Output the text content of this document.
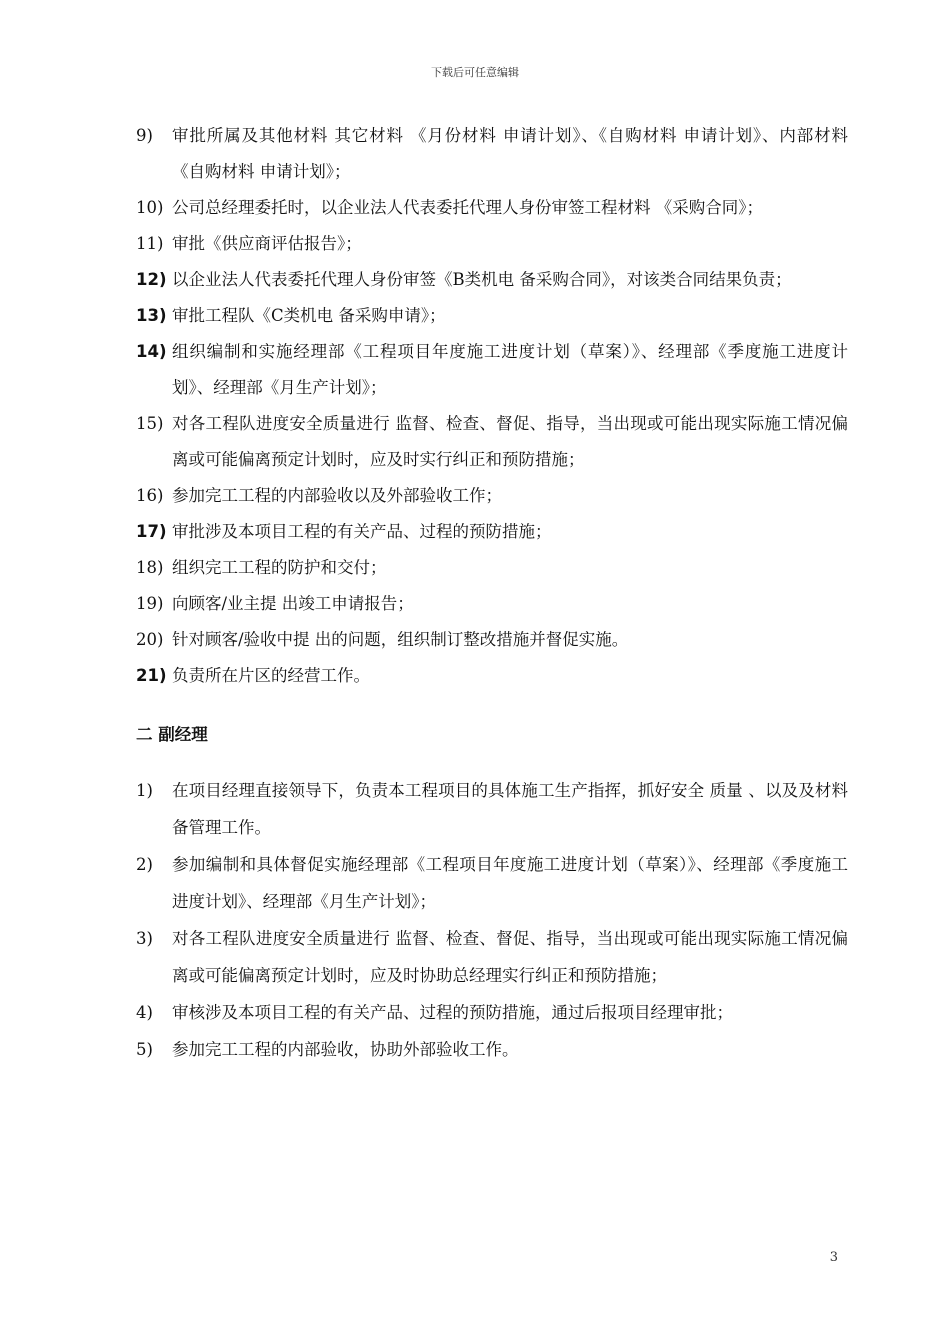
下载后可任意编辑
9) 审批所属及其他材料 其它材料 《月份材料 申请计划》、《自购材料 申请计划》、内部材料 《自购材料 申请计划》；
10) 公司总经理委托时，以企业法人代表委托代理人身份审签工程材料 《采购合同》；
11) 审批《供应商评估报告》；
12) 以企业法人代表委托代理人身份审签《B类机电 备采购合同》，对该类合同结果负责；
13) 审批工程队《C类机电 备采购申请》；
14) 组织编制和实施经理部《工程项目年度施工进度计划（草案）》、经理部《季度施工进度计划》、经理部《月生产计划》；
15) 对各工程队进度安全质量进行 监督、检查、督促、指导，当出现或可能出现实际施工情况偏离或可能偏离预定计划时，应及时实行纠正和预防措施；
16) 参加完工工程的内部验收以及外部验收工作；
17) 审批涉及本项目工程的有关产品、过程的预防措施；
18) 组织完工工程的防护和交付；
19) 向顾客/业主提 出竣工申请报告；
20) 针对顾客/验收中提 出的问题，组织制订整改措施并督促实施。
21) 负责所在片区的经营工作。
二 副经理
1) 在项目经理直接领导下，负责本工程项目的具体施工生产指挥，抓好安全 质量 、以及及材料 备管理工作。
2) 参加编制和具体督促实施经理部《工程项目年度施工进度计划（草案）》、经理部《季度施工进度计划》、经理部《月生产计划》；
3) 对各工程队进度安全质量进行 监督、检查、督促、指导，当出现或可能出现实际施工情况偏离或可能偏离预定计划时，应及时协助总经理实行纠正和预防措施；
4) 审核涉及本项目工程的有关产品、过程的预防措施，通过后报项目经理审批；
5) 参加完工工程的内部验收，协助外部验收工作。
3
